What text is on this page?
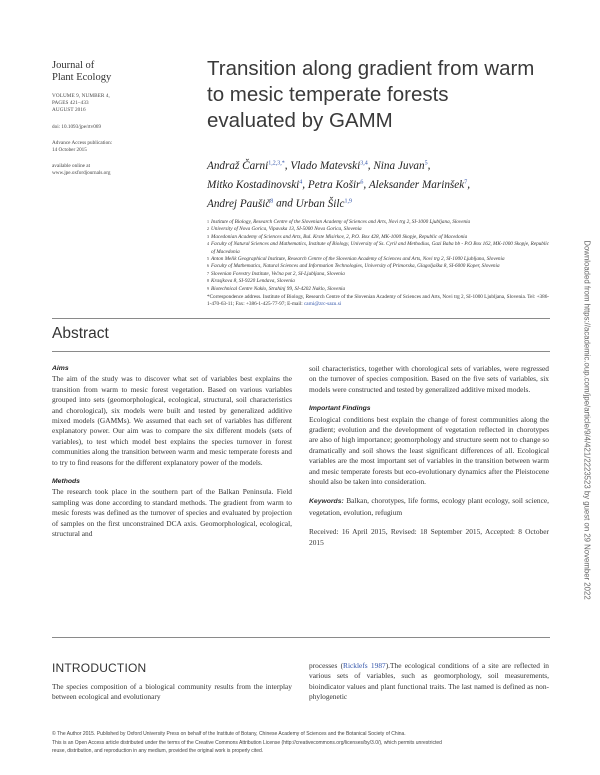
Journal of
Plant Ecology
VOLUME 9, NUMBER 4,
PAGES 421–433
AUGUST 2016
doi: 10.1093/jpe/rtv069
Advance Access publication:
14 October 2015
available online at
www.jpe.oxfordjournals.org
Transition along gradient from warm to mesic temperate forests evaluated by GAMM
Andraž Čarni$^{1,2,3,*}$, Vlado Matevski$^{3,4}$, Nina Juvan$^5$,
Mitko Kostadinovski$^4$, Petra Košir$^6$, Aleksander Marinšek$^7$,
Andrej Paušič$^8$ and Urban Šilc$^{1,9}$
1 Institute of Biology, Research Centre of the Slovenian Academy of Sciences and Arts, Novi trg 2, SI-1000 Ljubljana, Slovenia
2 University of Nova Gorica, Vipavska 13, SI-5000 Nova Gorica, Slovenia
3 Macedonian Academy of Sciences and Arts, Bul. Krste Misirkov, 2, P.O. Box 428, MK-1000 Skopje, Republic of Macedonia
4 Faculty of Natural Sciences and Mathematics, Institute of Biology, University of Ss. Cyril and Methodius, Gazi Baba bb - P.O Box 162, MK-1000 Skopje, Republic of Macedonia
5 Anton Melik Geographical Institute, Research Centre of the Slovenian Academy of Sciences and Arts, Novi trg 2, SI-1000 Ljubljana, Slovenia
6 Faculty of Mathematics, Natural Sciences and Information Technologies, University of Primorska, Glagoljaška 8, SI-6000 Koper, Slovenia
7 Slovenian Forestry Institute, Večna pot 2, SI-Ljubljana, Slovenia
8 Krasjkova 8, SI-9220 Lendava, Slovenia
9 Biotechnical Centre Naklo, Strahinj 99, SI-4202 Naklo, Slovenia
*Correspondence address. Institute of Biology, Research Centre of the Slovenian Academy of Sciences and Arts, Novi trg 2, SI-1000 Ljubljana, Slovenia. Tel: +386-1-470-63-11; Fax: +386-1-425-77-97; E-mail: carni@zrc-sazu.si	Downloaded from https://academic.oup.com/jpe/article/9/4/421/2223523 by guest on 29 November 2022
Abstract

Aims

The aim of the study was to discover what set of variables best explains the transition from warm to mesic forest vegetation. Based on various variables grouped into sets (geomorphological, ecological, structural, soil characteristics and chorological), six models were built and tested by generalized additive mixed models (GAMMs). We assumed that each set of variables has different explanatory power. Our aim was to compare the six different models (sets of variables), to test which model best explains the species turnover in forest communities along the transition between warm and mesic temperate forests and to try to find reasons for the different explanatory power of the models.

Methods

The research took place in the southern part of the Balkan Peninsula. Field sampling was done according to standard methods. The gradient from warm to mesic forests was defined as the turnover of species and evaluated by projection of samples on the first unconstrained DCA axis. Geomorphological, ecological, structural and

soil characteristics, together with chorological sets of variables, were regressed on the turnover of species composition. Based on the five sets of variables, six models were constructed and tested by generalized additive mixed models.

Important Findings

Ecological conditions best explain the change of forest communities along the gradient; evolution and the development of vegetation reflected in chorotypes are also of high importance; geomorphology and structure seem not to change so dramatically and soil shows the least significant differences of all. Ecological variables are the most important set of variables in the transition between warm and mesic temperate forests but eco-evolutionary dynamics after the Pleistocene should also be taken into consideration.

Keywords: Balkan, chorotypes, life forms, ecology plant ecology, soil science, vegetation, evolution, refugium

Received: 16 April 2015, Revised: 18 September 2015, Accepted: 8 October 2015

INTRODUCTION
The species composition of a biological community results from the interplay between ecological and evolutionary
processes (Ricklefs 1987).The ecological conditions of a site are reflected in various sets of variables, such as geomorphology, soil measurements, bioindicator values and plant functional traits. The last named is defined as non-phylogenetic
© The Author 2015. Published by Oxford University Press on behalf of the Institute of Botany, Chinese Academy of Sciences and the Botanical Society of China.
This is an Open Access article distributed under the terms of the Creative Commons Attribution License (http://creativecommons.org/licenses/by/3.0/), which permits unrestricted
reuse, distribution, and reproduction in any medium, provided the original work is properly cited.
